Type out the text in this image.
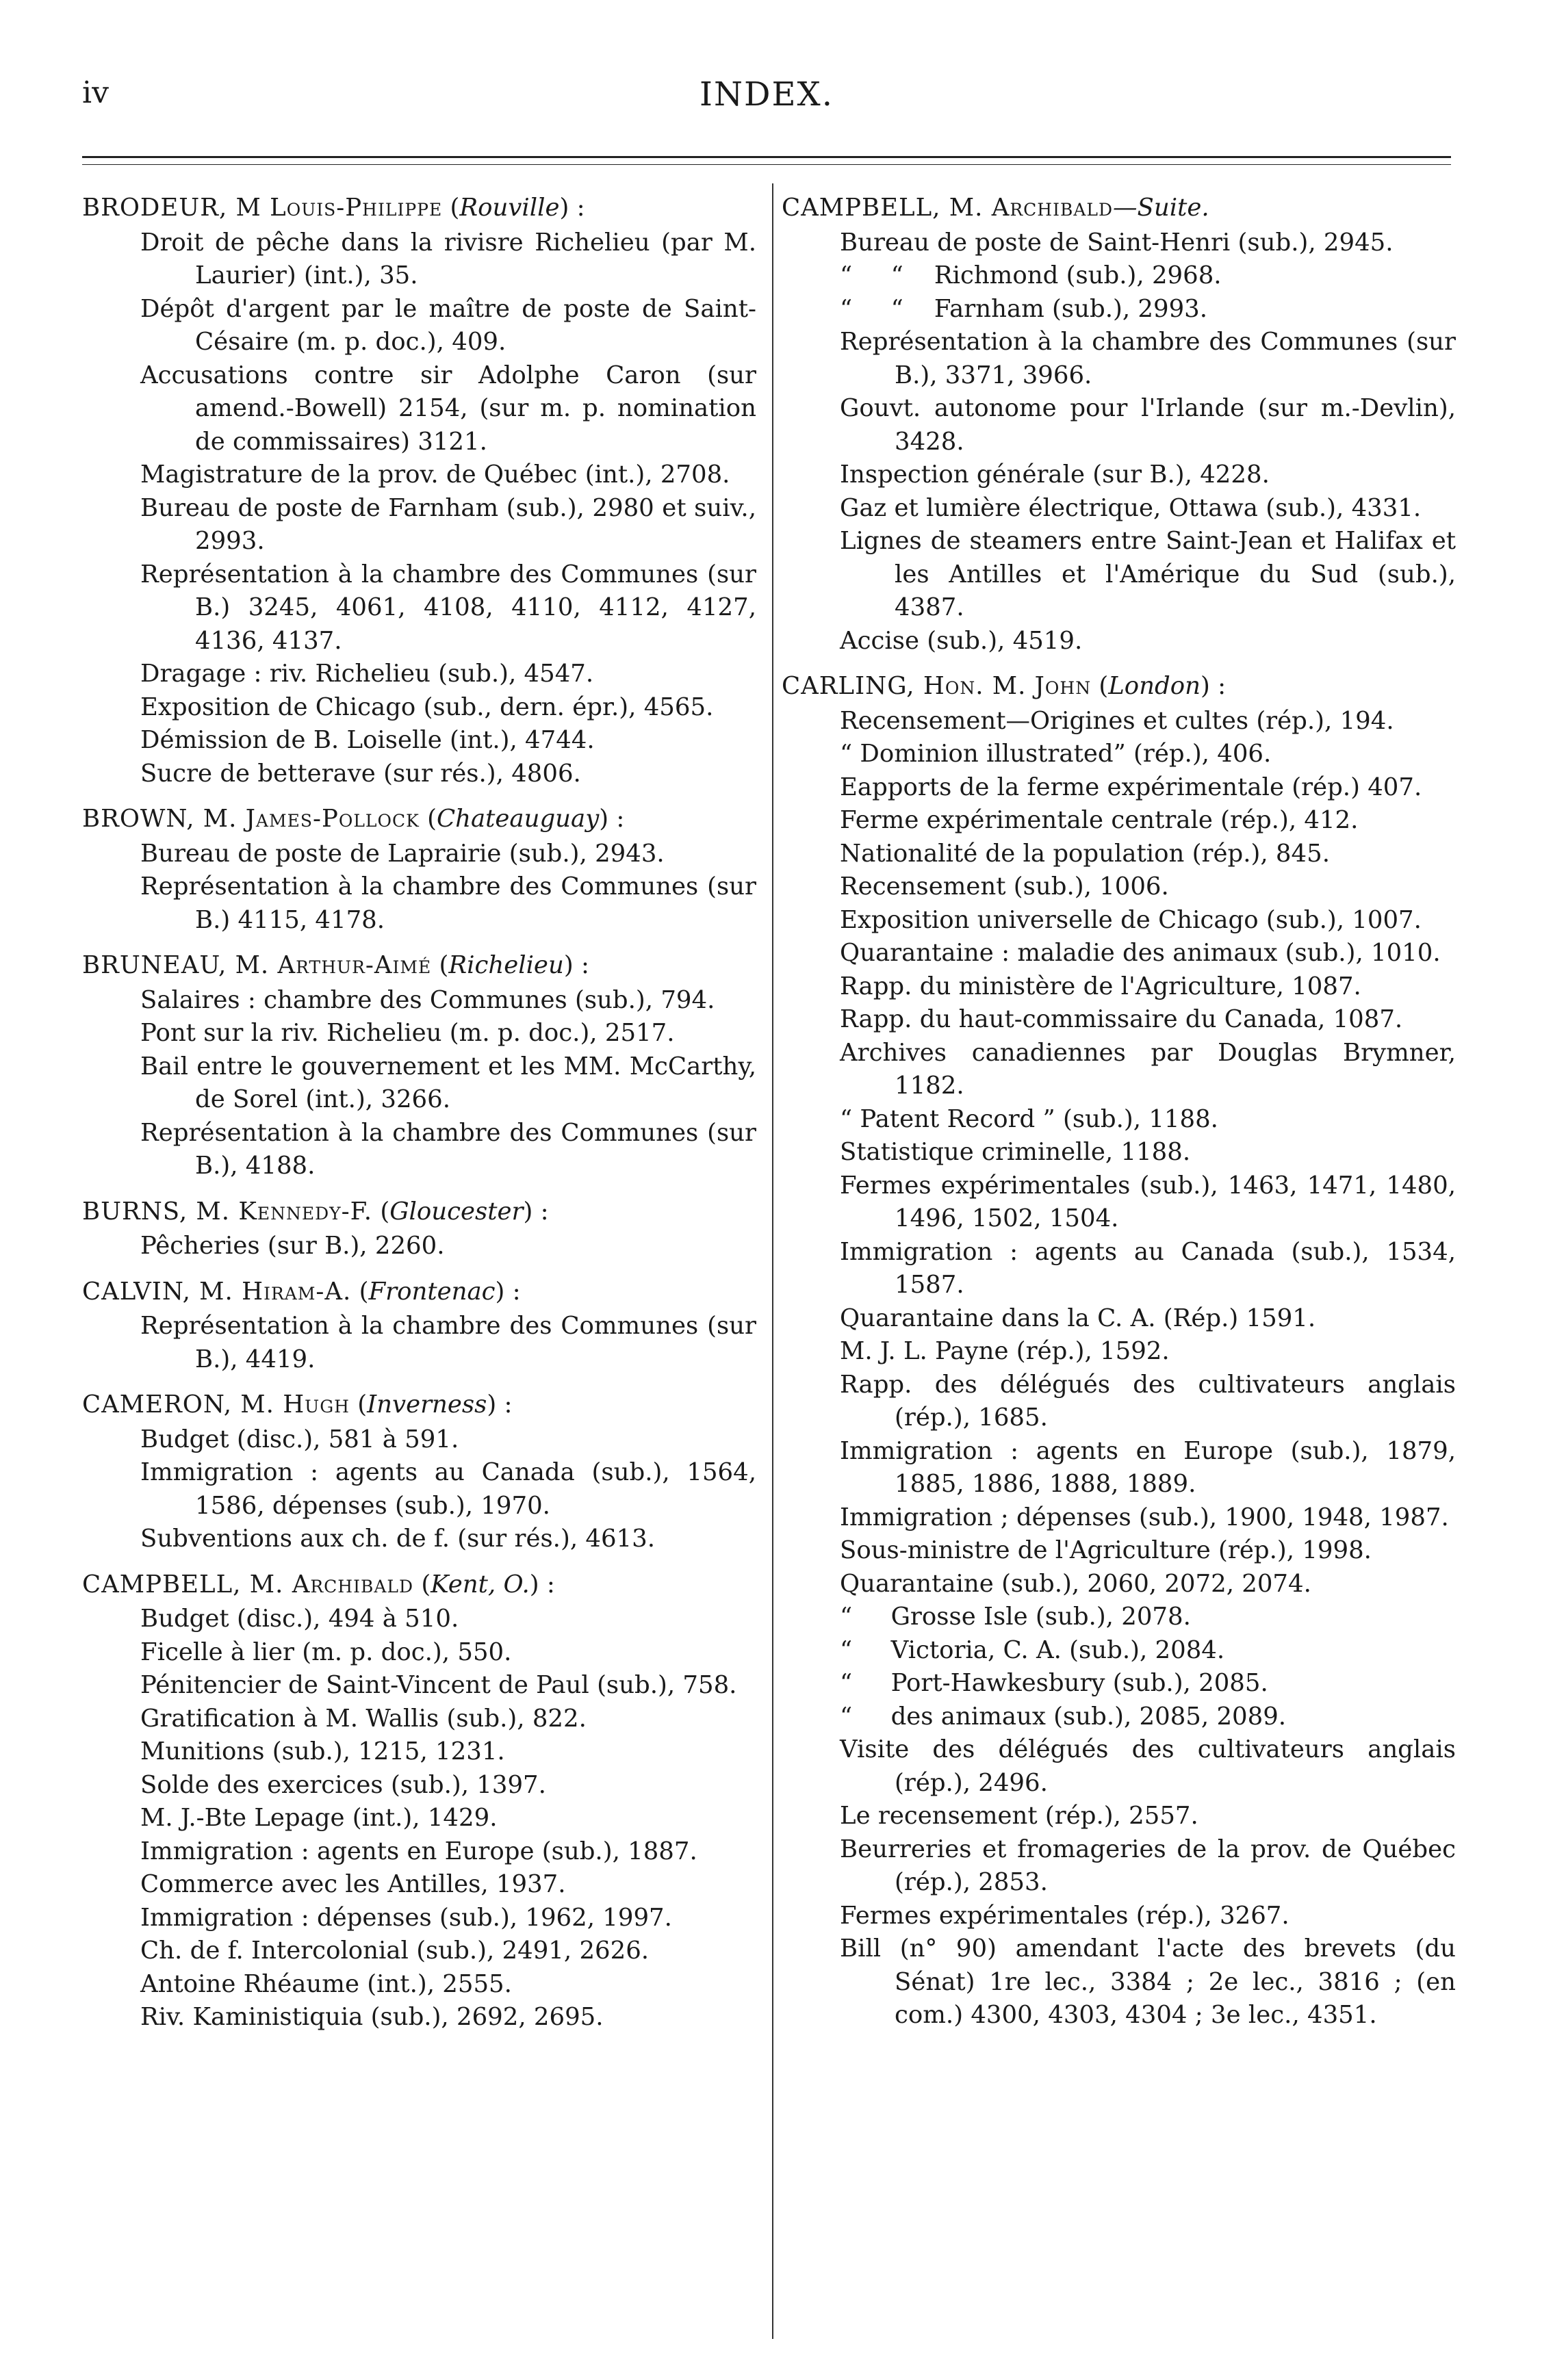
iv	INDEX.
BRODEUR, M Louis-Philippe (Rouville) :
Droit de pêche dans la rivisre Richelieu (par M. Laurier) (int.), 35.
Dépôt d'argent par le maître de poste de Saint-Césaire (m. p. doc.), 409.
Accusations contre sir Adolphe Caron (sur amend.-Bowell) 2154, (sur m. p. nomination de commissaires) 3121.
Magistrature de la prov. de Québec (int.), 2708.
Bureau de poste de Farnham (sub.), 2980 et suiv., 2993.
Représentation à la chambre des Communes (sur B.) 3245, 4061, 4108, 4110, 4112, 4127, 4136, 4137.
Dragage : riv. Richelieu (sub.), 4547.
Exposition de Chicago (sub., dern. épr.), 4565.
Démission de B. Loiselle (int.), 4744.
Sucre de betterave (sur rés.), 4806.
BROWN, M. James-Pollock (Chateauguay) :
Bureau de poste de Laprairie (sub.), 2943.
Représentation à la chambre des Communes (sur B.) 4115, 4178.
BRUNEAU, M. Arthur-Aimé (Richelieu) :
Salaires : chambre des Communes (sub.), 794.
Pont sur la riv. Richelieu (m. p. doc.), 2517.
Bail entre le gouvernement et les MM. McCarthy, de Sorel (int.), 3266.
Représentation à la chambre des Communes (sur B.), 4188.
BURNS, M. Kennedy-F. (Gloucester) :
Pêcheries (sur B.), 2260.
CALVIN, M. Hiram-A. (Frontenac) :
Représentation à la chambre des Communes (sur B.), 4419.
CAMERON, M. Hugh (Inverness) :
Budget (disc.), 581 à 591.
Immigration : agents au Canada (sub.), 1564, 1586, dépenses (sub.), 1970.
Subventions aux ch. de f. (sur rés.), 4613.
CAMPBELL, M. Archibald (Kent, O.) :
Budget (disc.), 494 à 510.
Ficelle à lier (m. p. doc.), 550.
Pénitencier de Saint-Vincent de Paul (sub.), 758.
Gratification à M. Wallis (sub.), 822.
Munitions (sub.), 1215, 1231.
Solde des exercices (sub.), 1397.
M. J.-Bte Lepage (int.), 1429.
Immigration : agents en Europe (sub.), 1887.
Commerce avec les Antilles, 1937.
Immigration : dépenses (sub.), 1962, 1997.
Ch. de f. Intercolonial (sub.), 2491, 2626.
Antoine Rhéaume (int.), 2555.
Riv. Kaministiquia (sub.), 2692, 2695.
CAMPBELL, M. Archibald—Suite.
Bureau de poste de Saint-Henri (sub.), 2945.
“     “    Richmond (sub.), 2968.
“     “    Farnham (sub.), 2993.
Représentation à la chambre des Communes (sur B.), 3371, 3966.
Gouvt. autonome pour l'Irlande (sur m.-Devlin), 3428.
Inspection générale (sur B.), 4228.
Gaz et lumière électrique, Ottawa (sub.), 4331.
Lignes de steamers entre Saint-Jean et Halifax et les Antilles et l'Amérique du Sud (sub.), 4387.
Accise (sub.), 4519.
CARLING, Hon. M. John (London) :
Recensement—Origines et cultes (rép.), 194.
“ Dominion illustrated” (rép.), 406.
Eapports de la ferme expérimentale (rép.) 407.
Ferme expérimentale centrale (rép.), 412.
Nationalité de la population (rép.), 845.
Recensement (sub.), 1006.
Exposition universelle de Chicago (sub.), 1007.
Quarantaine : maladie des animaux (sub.), 1010.
Rapp. du ministère de l'Agriculture, 1087.
Rapp. du haut-commissaire du Canada, 1087.
Archives canadiennes par Douglas Brymner, 1182.
“ Patent Record ” (sub.), 1188.
Statistique criminelle, 1188.
Fermes expérimentales (sub.), 1463, 1471, 1480, 1496, 1502, 1504.
Immigration : agents au Canada (sub.), 1534, 1587.
Quarantaine dans la C. A. (Rép.) 1591.
M. J. L. Payne (rép.), 1592.
Rapp. des délégués des cultivateurs anglais (rép.), 1685.
Immigration : agents en Europe (sub.), 1879, 1885, 1886, 1888, 1889.
Immigration ; dépenses (sub.), 1900, 1948, 1987.
Sous-ministre de l'Agriculture (rép.), 1998.
Quarantaine (sub.), 2060, 2072, 2074.
“     Grosse Isle (sub.), 2078.
“     Victoria, C. A. (sub.), 2084.
“     Port-Hawkesbury (sub.), 2085.
“     des animaux (sub.), 2085, 2089.
Visite des délégués des cultivateurs anglais (rép.), 2496.
Le recensement (rép.), 2557.
Beurreries et fromageries de la prov. de Québec (rép.), 2853.
Fermes expérimentales (rép.), 3267.
Bill (n° 90) amendant l'acte des brevets (du Sénat) 1re lec., 3384 ; 2e lec., 3816 ; (en com.) 4300, 4303, 4304 ; 3e lec., 4351.
